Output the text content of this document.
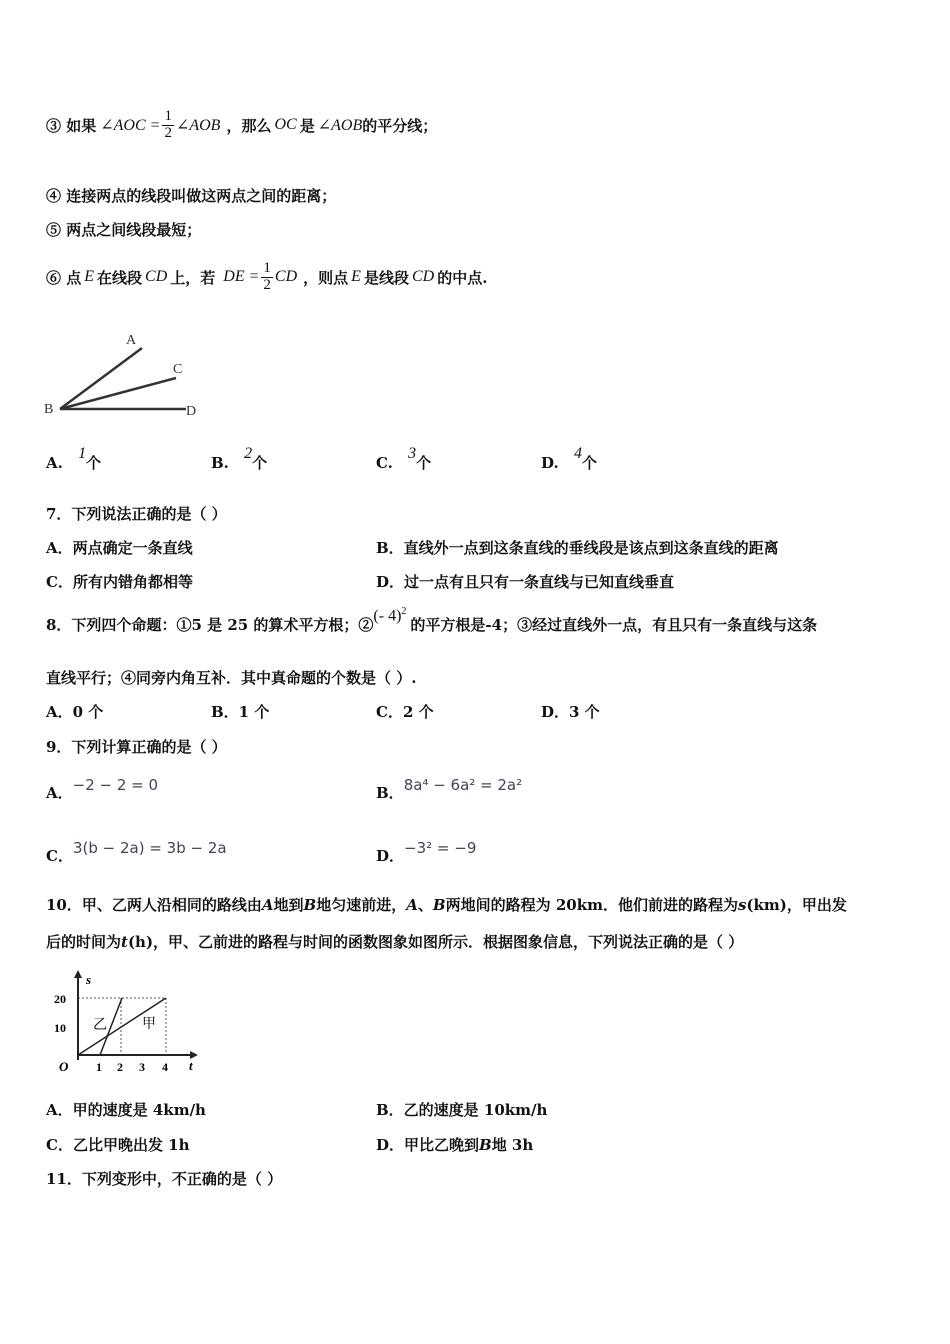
③ 如果 ∠AOC = $\frac{1}{2}$ ∠AOB ，那么 OC 是 ∠AOB 的平分线；
④ 连接两点的线段叫做这两点之间的距离；
⑤ 两点之间线段最短；
⑥ 点 E 在线段 CD 上，若 DE = $\frac{1}{2}$ CD ，则点 E 是线段 CD 的中点.
A
C
B	D
A. 1个	B. 2个	C. 3个	D. 4个
7．下列说法正确的是（ ）
A．两点确定一条直线	B．直线外一点到这条直线的垂线段是该点到这条直线的距离
C．所有内错角都相等	D．过一点有且只有一条直线与已知直线垂直
8．下列四个命题：①5 是 25 的算术平方根；② (- 4)$^2$
的平方根是-4；③经过直线外一点，有且只有一条直线与这条
直线平行；④同旁内角互补．其中真命题的个数是（ ）.
A．0 个	B．1 个	C．2 个	D．3 个
9．下列计算正确的是（ ）
A．−2 − 2 = 0	B．8a⁴ − 6a² = 2a²
C．3(b − 2a) = 3b − 2a	D．−3² = −9
10．甲、乙两人沿相同的路线由A地到B地匀速前进，A、B两地间的路程为 20km．他们前进的路程为s(km)，甲出发
后的时间为t(h)，甲、乙前进的路程与时间的函数图象如图所示．根据图象信息，下列说法正确的是（ ）
s
t
O
20
10
1 2 3 4
乙	甲
A．甲的速度是 4km/h	B．乙的速度是 10km/h
C．乙比甲晚出发 1h	D．甲比乙晚到B地 3h
11．下列变形中，不正确的是（ ）
